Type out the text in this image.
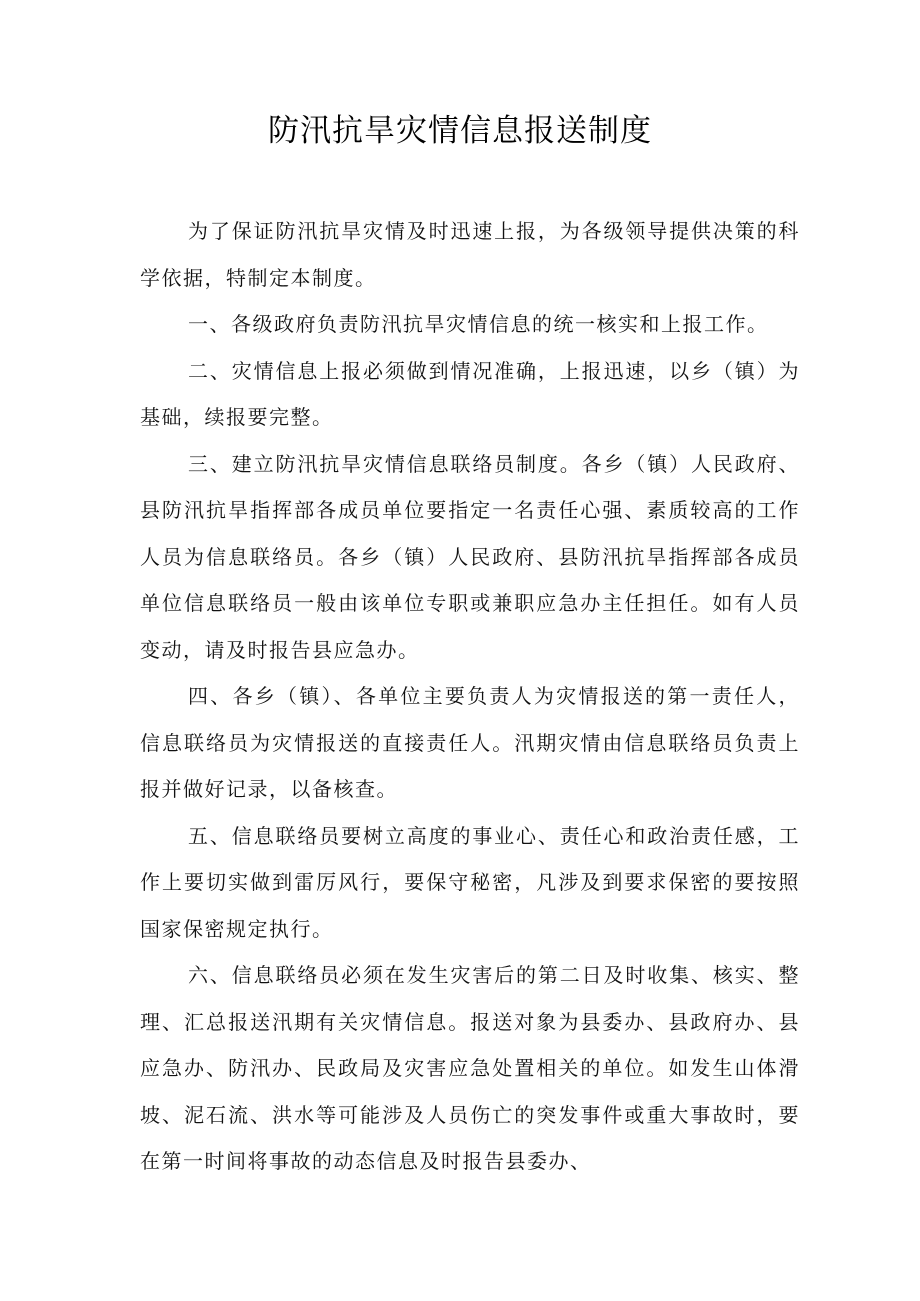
防汛抗旱灾情信息报送制度

为了保证防汛抗旱灾情及时迅速上报，为各级领导提供决策的科学依据，特制定本制度。

一、各级政府负责防汛抗旱灾情信息的统一核实和上报工作。

二、灾情信息上报必须做到情况准确，上报迅速，以乡（镇）为基础，续报要完整。

三、建立防汛抗旱灾情信息联络员制度。各乡（镇）人民政府、县防汛抗旱指挥部各成员单位要指定一名责任心强、素质较高的工作人员为信息联络员。各乡（镇）人民政府、县防汛抗旱指挥部各成员单位信息联络员一般由该单位专职或兼职应急办主任担任。如有人员变动，请及时报告县应急办。

四、各乡（镇）、各单位主要负责人为灾情报送的第一责任人，信息联络员为灾情报送的直接责任人。汛期灾情由信息联络员负责上报并做好记录，以备核查。

五、信息联络员要树立高度的事业心、责任心和政治责任感，工作上要切实做到雷厉风行，要保守秘密，凡涉及到要求保密的要按照国家保密规定执行。

六、信息联络员必须在发生灾害后的第二日及时收集、核实、整理、汇总报送汛期有关灾情信息。报送对象为县委办、县政府办、县应急办、防汛办、民政局及灾害应急处置相关的单位。如发生山体滑坡、泥石流、洪水等可能涉及人员伤亡的突发事件或重大事故时，要在第一时间将事故的动态信息及时报告县委办、
